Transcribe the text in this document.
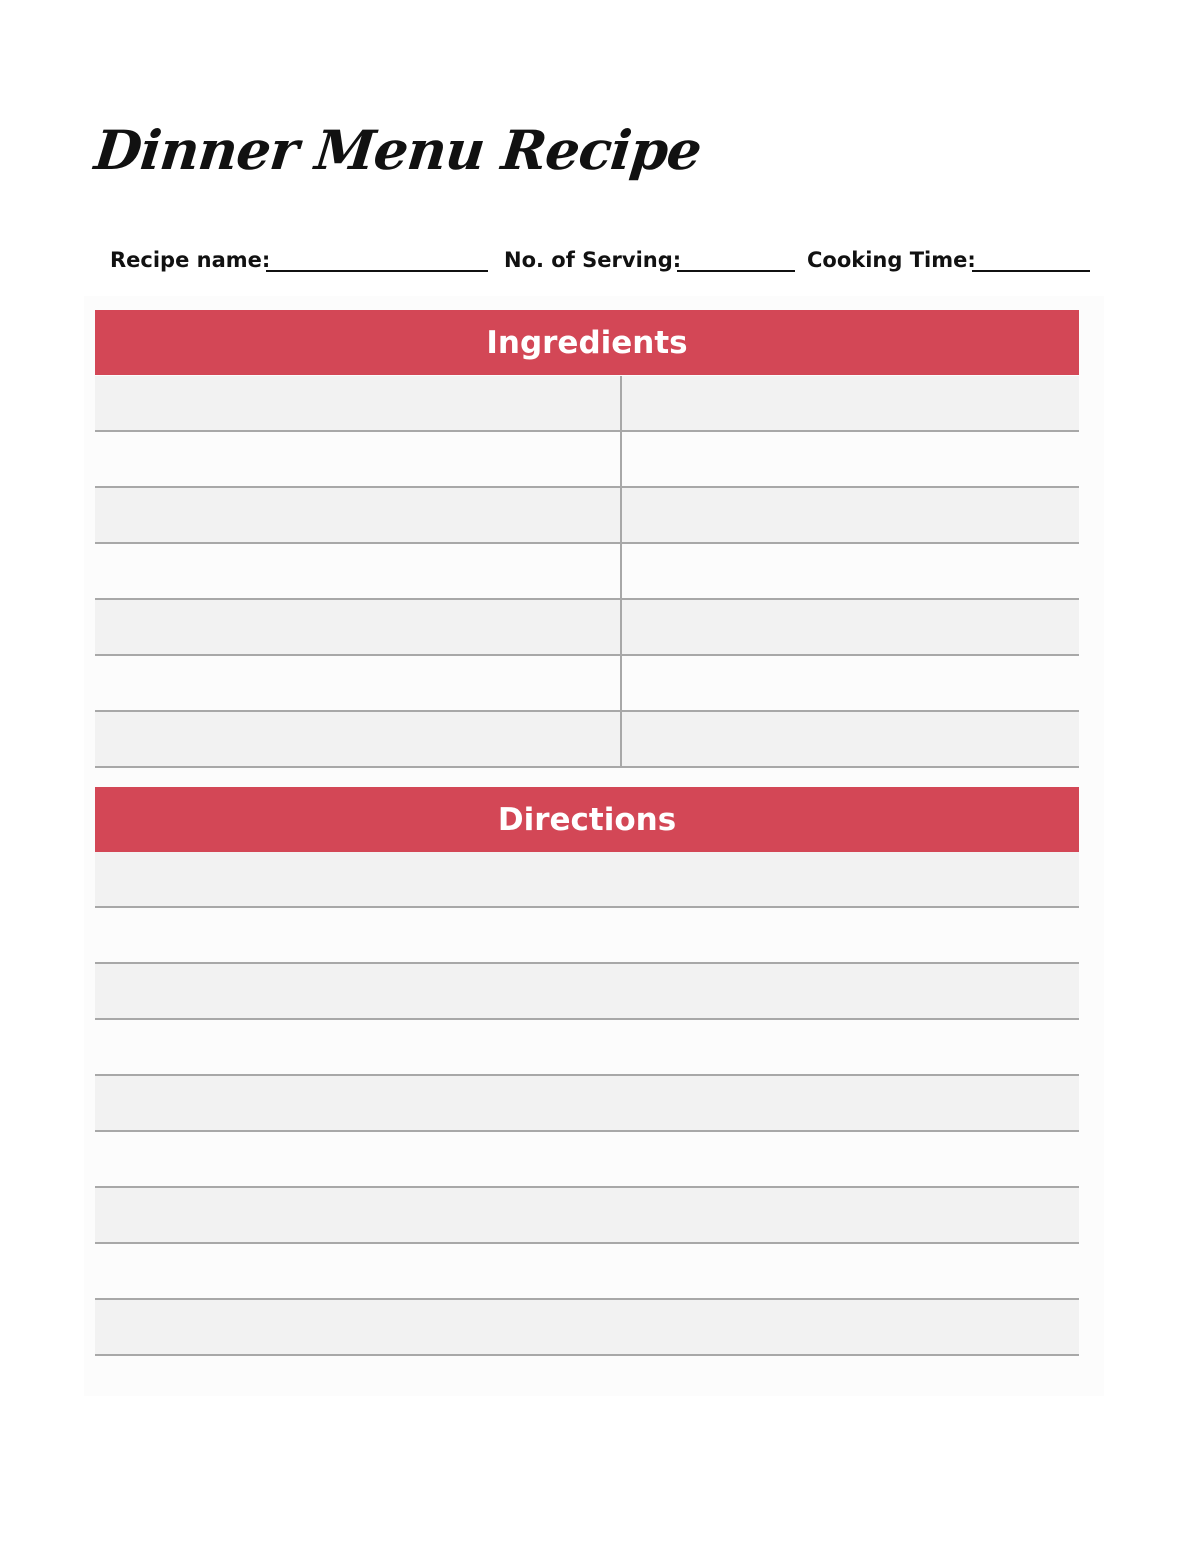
Dinner Menu Recipe
Recipe name:	No. of Serving:	Cooking Time:
Ingredients
Directions
